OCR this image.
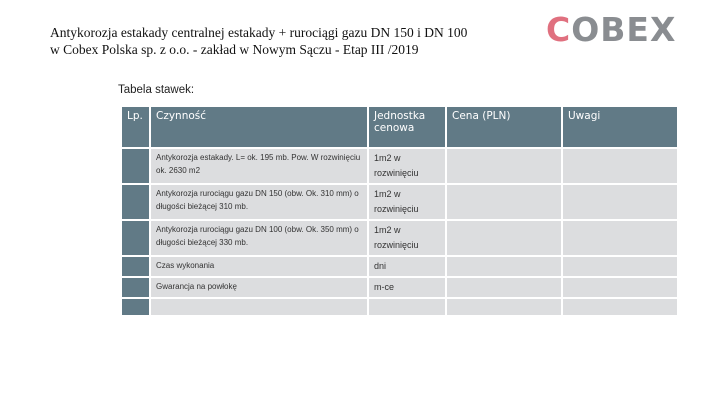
Antykorozja estakady centralnej estakady + rurociągi gazu DN 150 i DN 100
w Cobex Polska sp. z o.o. - zakład w Nowym Sączu - Etap III /2019
COBEX
Tabela stawek:
Lp.	Czynność	Jednostka cenowa	Cena (PLN)	Uwagi

	Antykorozja estakady. L= ok. 195 mb. Pow. W rozwinięciu ok. 2630 m2	1m2 w rozwinięciu		

	Antykorozja rurociągu gazu DN 150 (obw. Ok. 310 mm) o długości bieżącej 310 mb.	1m2 w rozwinięciu		

	Antykorozja rurociągu gazu DN 100 (obw. Ok. 350 mm) o długości bieżącej 330 mb.	1m2 w rozwinięciu		

	Czas wykonania	dni		

	Gwarancja na powłokę	m-ce		
